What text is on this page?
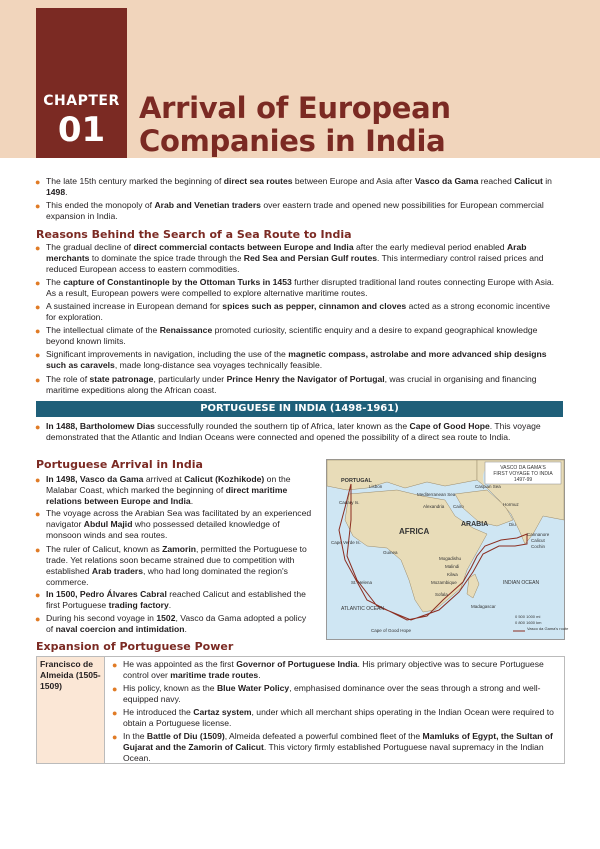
CHAPTER
01
Arrival of European Companies in India
● The late 15th century marked the beginning of direct sea routes between Europe and Asia after Vasco da Gama reached Calicut in 1498.
● This ended the monopoly of Arab and Venetian traders over eastern trade and opened new possibilities for European commercial expansion in India.
Reasons Behind the Search of a Sea Route to India
● The gradual decline of direct commercial contacts between Europe and India after the early medieval period enabled Arab merchants to dominate the spice trade through the Red Sea and Persian Gulf routes. This intermediary control raised prices and reduced European access to eastern commodities.
● The capture of Constantinople by the Ottoman Turks in 1453 further disrupted traditional land routes connecting Europe with Asia. As a result, European powers were compelled to explore alternative maritime routes.
● A sustained increase in European demand for spices such as pepper, cinnamon and cloves acted as a strong economic incentive for exploration.
● The intellectual climate of the Renaissance promoted curiosity, scientific enquiry and a desire to expand geographical knowledge beyond known limits.
● Significant improvements in navigation, including the use of the magnetic compass, astrolabe and more advanced ship designs such as caravels, made long-distance sea voyages technically feasible.
● The role of state patronage, particularly under Prince Henry the Navigator of Portugal, was crucial in organising and financing maritime expeditions along the African coast.
PORTUGUESE IN INDIA (1498-1961)
● In 1488, Bartholomew Dias successfully rounded the southern tip of Africa, later known as the Cape of Good Hope. This voyage demonstrated that the Atlantic and Indian Oceans were connected and opened the possibility of a direct sea route to India.
Portuguese Arrival in India
● In 1498, Vasco da Gama arrived at Calicut (Kozhikode) on the Malabar Coast, which marked the beginning of direct maritime relations between Europe and India.
● The voyage across the Arabian Sea was facilitated by an experienced navigator Abdul Majid who possessed detailed knowledge of monsoon winds and sea routes.
● The ruler of Calicut, known as Zamorin, permitted the Portuguese to trade. Yet relations soon became strained due to competition with established Arab traders, who had long dominated the region's commerce.
● In 1500, Pedro Álvares Cabral reached Calicut and established the first Portuguese trading factory.
● During his second voyage in 1502, Vasco da Gama adopted a policy of naval coercion and intimidation.
VASCO DA GAMA'S
FIRST VOYAGE TO INDIA
1497-99
PORTUGAL
Lisbon
Canary Is.
Mediterranean Sea
Caspian Sea
Alexandria Cairo
AFRICA
ARABIA
Hormuz
Diu
Cannanore
Calicut
Cochin
Cape Verde Is.
Guinea
St. Helena
Mogadishu
Malindi
Kilwa
Mozambique
Sofala
Madagascar
ATLANTIC OCEAN
INDIAN OCEAN
Cape of Good Hope
0 500 1000 mi
0 800 1600 km
Vasco da Gama's route
Expansion of Portuguese Power
Francisco de Almeida (1505-1509)
● He was appointed as the first Governor of Portuguese India. His primary objective was to secure Portuguese control over maritime trade routes.
● His policy, known as the Blue Water Policy, emphasised dominance over the seas through a strong and well-equipped navy.
● He introduced the Cartaz system, under which all merchant ships operating in the Indian Ocean were required to obtain a Portuguese license.
● In the Battle of Diu (1509), Almeida defeated a powerful combined fleet of the Mamluks of Egypt, the Sultan of Gujarat and the Zamorin of Calicut. This victory firmly established Portuguese naval supremacy in the Indian Ocean.
